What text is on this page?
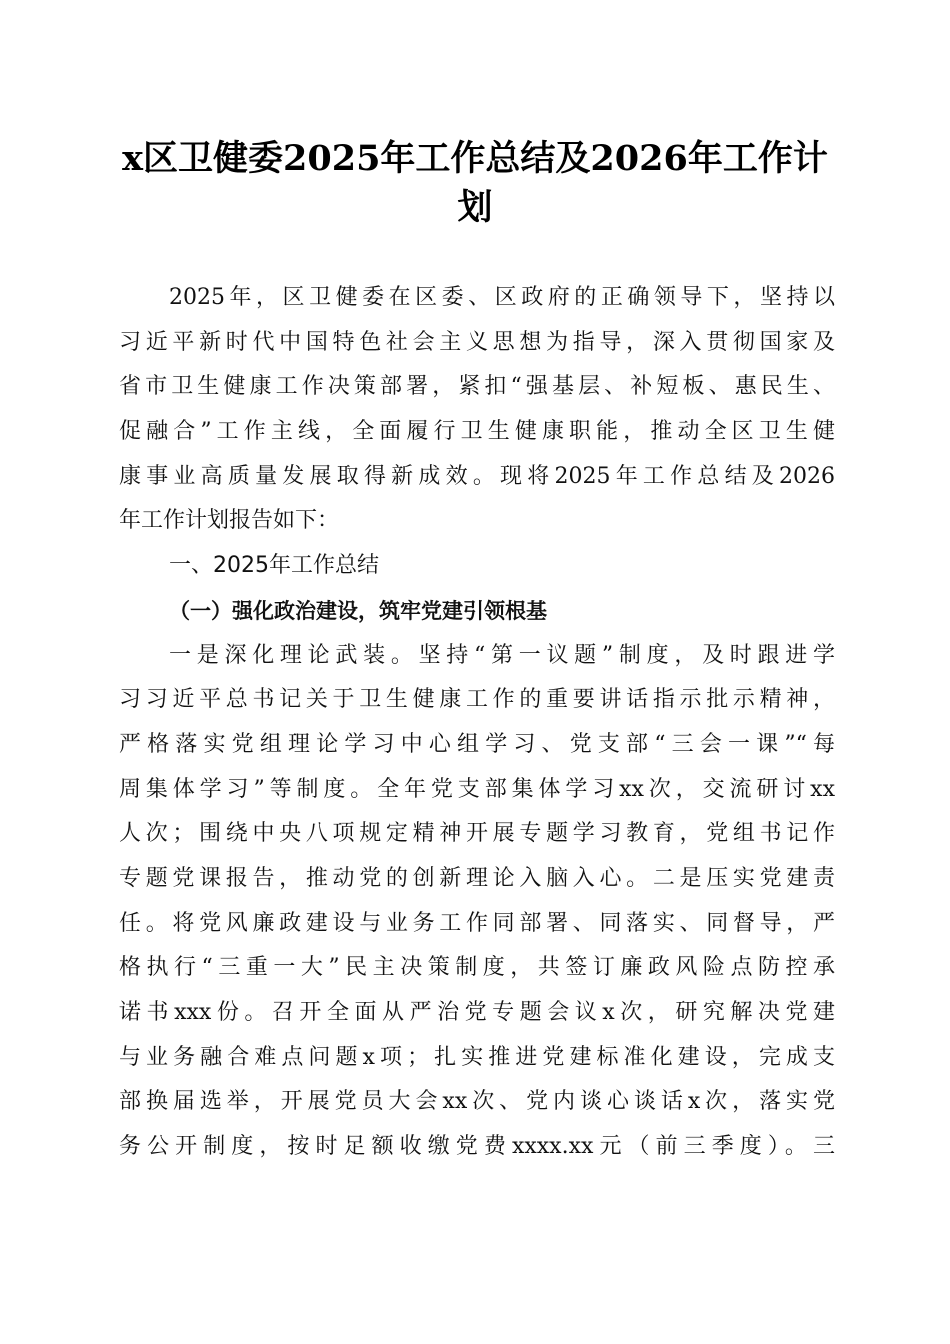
x区卫健委2025年工作总结及2026年工作计
划
2025年，区卫健委在区委、区政府的正确领导下，坚持以
习近平新时代中国特色社会主义思想为指导，深入贯彻国家及
省市卫生健康工作决策部署，紧扣“强基层、补短板、惠民生、
促融合”工作主线，全面履行卫生健康职能，推动全区卫生健
康事业高质量发展取得新成效。现将2025年工作总结及2026
年工作计划报告如下：
一、2025年工作总结
（一）强化政治建设，筑牢党建引领根基
一是深化理论武装。坚持“第一议题”制度，及时跟进学
习习近平总书记关于卫生健康工作的重要讲话指示批示精神，
严格落实党组理论学习中心组学习、党支部“三会一课”“每
周集体学习”等制度。全年党支部集体学习xx次，交流研讨xx
人次；围绕中央八项规定精神开展专题学习教育，党组书记作
专题党课报告，推动党的创新理论入脑入心。二是压实党建责
任。将党风廉政建设与业务工作同部署、同落实、同督导，严
格执行“三重一大”民主决策制度，共签订廉政风险点防控承
诺书xxx份。召开全面从严治党专题会议x次，研究解决党建
与业务融合难点问题x项；扎实推进党建标准化建设，完成支
部换届选举，开展党员大会xx次、党内谈心谈话x次，落实党
务公开制度，按时足额收缴党费xxxx.xx元（前三季度）。三
